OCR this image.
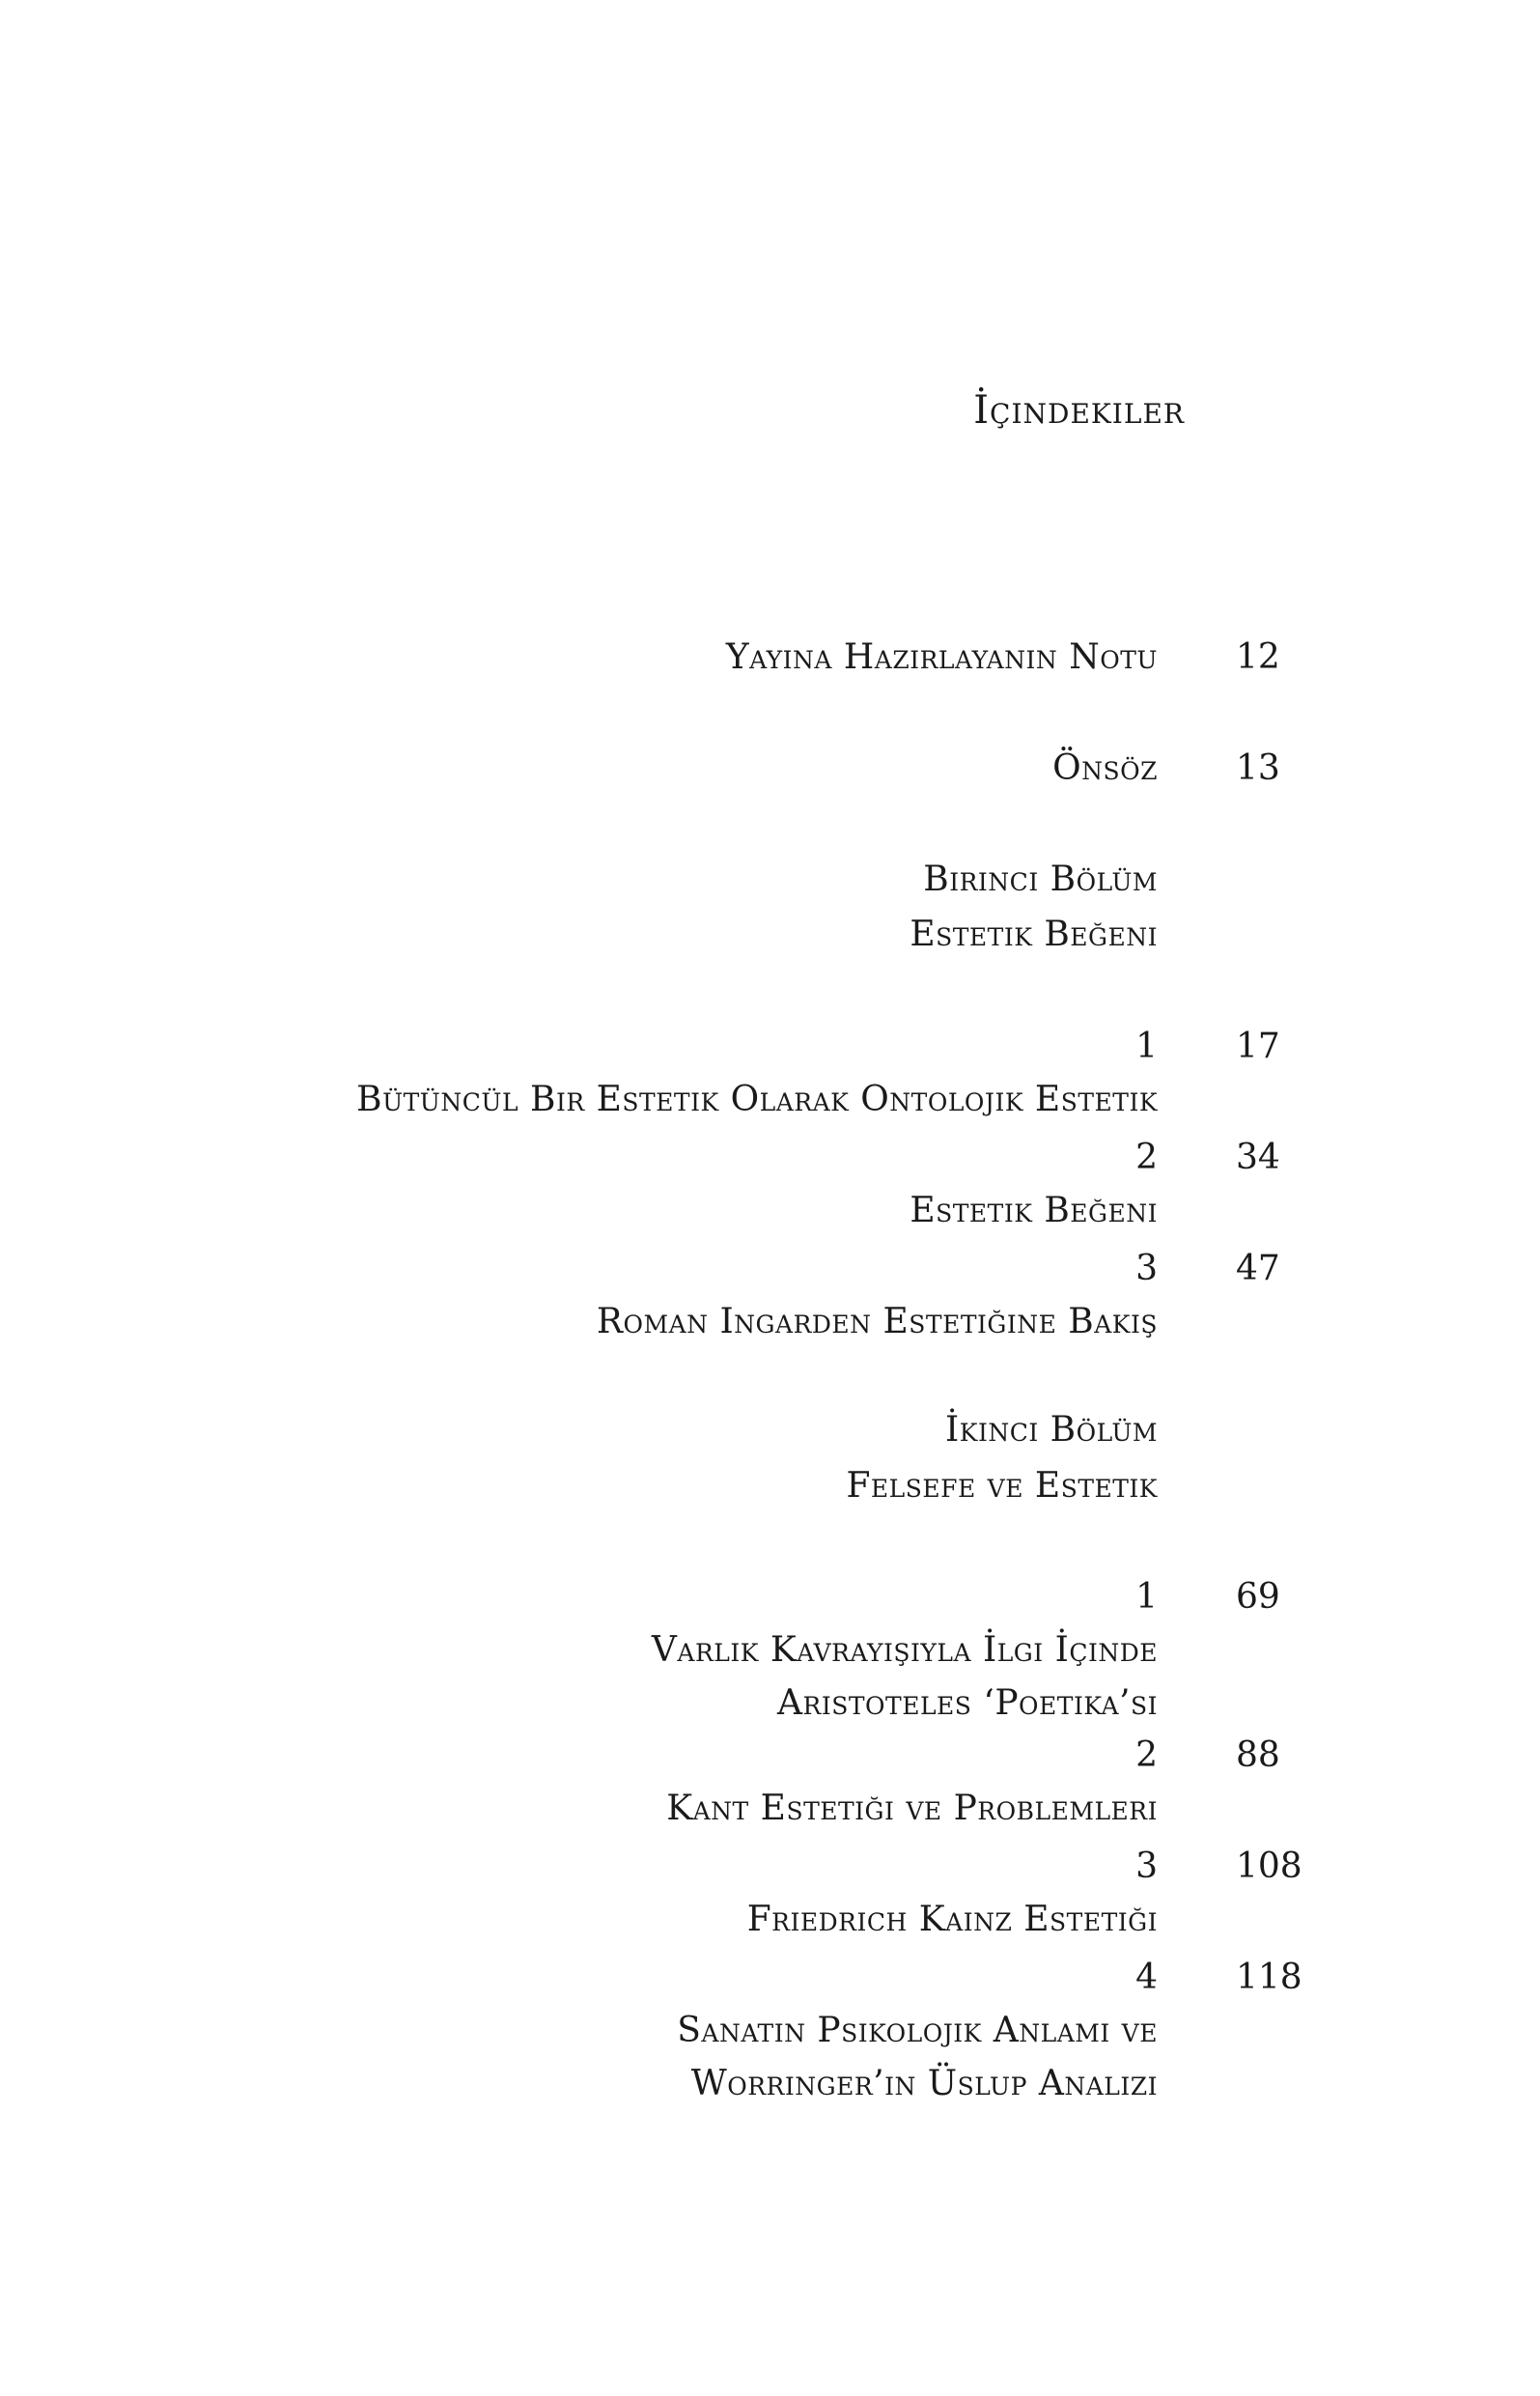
İçindekiler
Yayına Hazırlayanın Notu 12
Önsöz 13
Birinci Bölüm
Estetik Beğeni
1 17
Bütüncül Bir Estetik Olarak Ontolojik Estetik
2 34
Estetik Beğeni
3 47
Roman Ingarden Estetiğine Bakış
İkinci Bölüm
Felsefe ve Estetik
1 69
Varlık Kavrayışıyla İlgi İçinde
Aristoteles ‘Poetika’sı
2 88
Kant Estetiği ve Problemleri
3 108
Friedrich Kainz Estetiği
4 118
Sanatın Psikolojik Anlamı ve
Worringer’in Üslup Analizi
